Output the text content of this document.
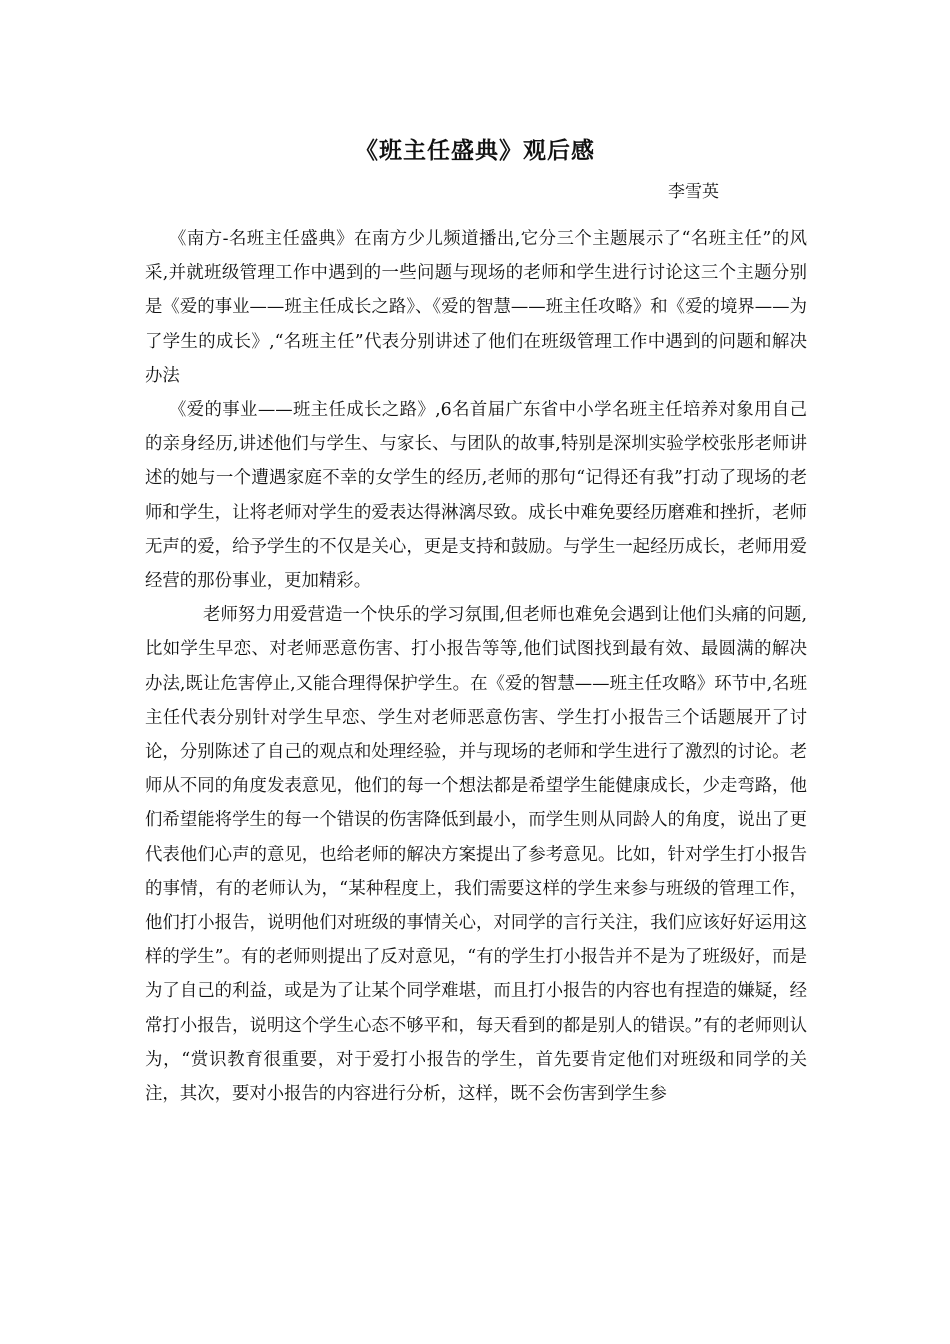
《班主任盛典》观后感

李雪英

《南方-名班主任盛典》在南方少儿频道播出,它分三个主题展示了“名班主任”的风采,并就班级管理工作中遇到的一些问题与现场的老师和学生进行讨论这三个主题分别是《爱的事业——班主任成长之路》、《爱的智慧——班主任攻略》和《爱的境界——为了学生的成长》,“名班主任”代表分别讲述了他们在班级管理工作中遇到的问题和解决办法

《爱的事业——班主任成长之路》,6名首届广东省中小学名班主任培养对象用自己的亲身经历,讲述他们与学生、与家长、与团队的故事,特别是深圳实验学校张彤老师讲述的她与一个遭遇家庭不幸的女学生的经历,老师的那句“记得还有我”打动了现场的老师和学生，让将老师对学生的爱表达得淋漓尽致。成长中难免要经历磨难和挫折，老师无声的爱，给予学生的不仅是关心，更是支持和鼓励。与学生一起经历成长，老师用爱经营的那份事业，更加精彩。

老师努力用爱营造一个快乐的学习氛围,但老师也难免会遇到让他们头痛的问题,比如学生早恋、对老师恶意伤害、打小报告等等,他们试图找到最有效、最圆满的解决办法,既让危害停止,又能合理得保护学生。在《爱的智慧——班主任攻略》环节中,名班主任代表分别针对学生早恋、学生对老师恶意伤害、学生打小报告三个话题展开了讨论，分别陈述了自己的观点和处理经验，并与现场的老师和学生进行了激烈的讨论。老师从不同的角度发表意见，他们的每一个想法都是希望学生能健康成长，少走弯路，他们希望能将学生的每一个错误的伤害降低到最小，而学生则从同龄人的角度，说出了更代表他们心声的意见，也给老师的解决方案提出了参考意见。比如，针对学生打小报告的事情，有的老师认为，“某种程度上，我们需要这样的学生来参与班级的管理工作，他们打小报告，说明他们对班级的事情关心，对同学的言行关注，我们应该好好运用这样的学生”。有的老师则提出了反对意见，“有的学生打小报告并不是为了班级好，而是为了自己的利益，或是为了让某个同学难堪，而且打小报告的内容也有捏造的嫌疑，经常打小报告，说明这个学生心态不够平和，每天看到的都是别人的错误。”有的老师则认为，“赏识教育很重要，对于爱打小报告的学生，首先要肯定他们对班级和同学的关注，其次，要对小报告的内容进行分析，这样，既不会伤害到学生参
